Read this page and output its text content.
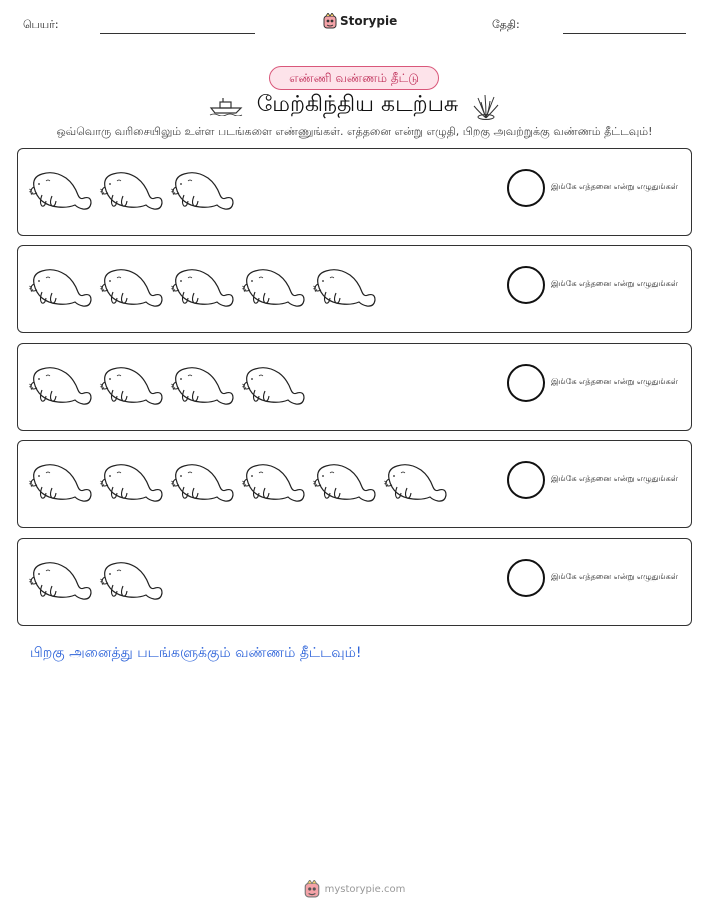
பெயர்:	Storypie	தேதி:
எண்ணி வண்ணம் தீட்டு
மேற்கிந்திய கடற்பசு
ஒவ்வொரு வரிசையிலும் உள்ள படங்களை எண்ணுங்கள். எத்தனை என்று எழுதி, பிறகு அவற்றுக்கு வண்ணம் தீட்டவும்!
இங்கே எத்தனை என்று எழுதுங்கள்
இங்கே எத்தனை என்று எழுதுங்கள்
இங்கே எத்தனை என்று எழுதுங்கள்
இங்கே எத்தனை என்று எழுதுங்கள்
இங்கே எத்தனை என்று எழுதுங்கள்
பிறகு அனைத்து படங்களுக்கும் வண்ணம் தீட்டவும்!
mystorypie.com
